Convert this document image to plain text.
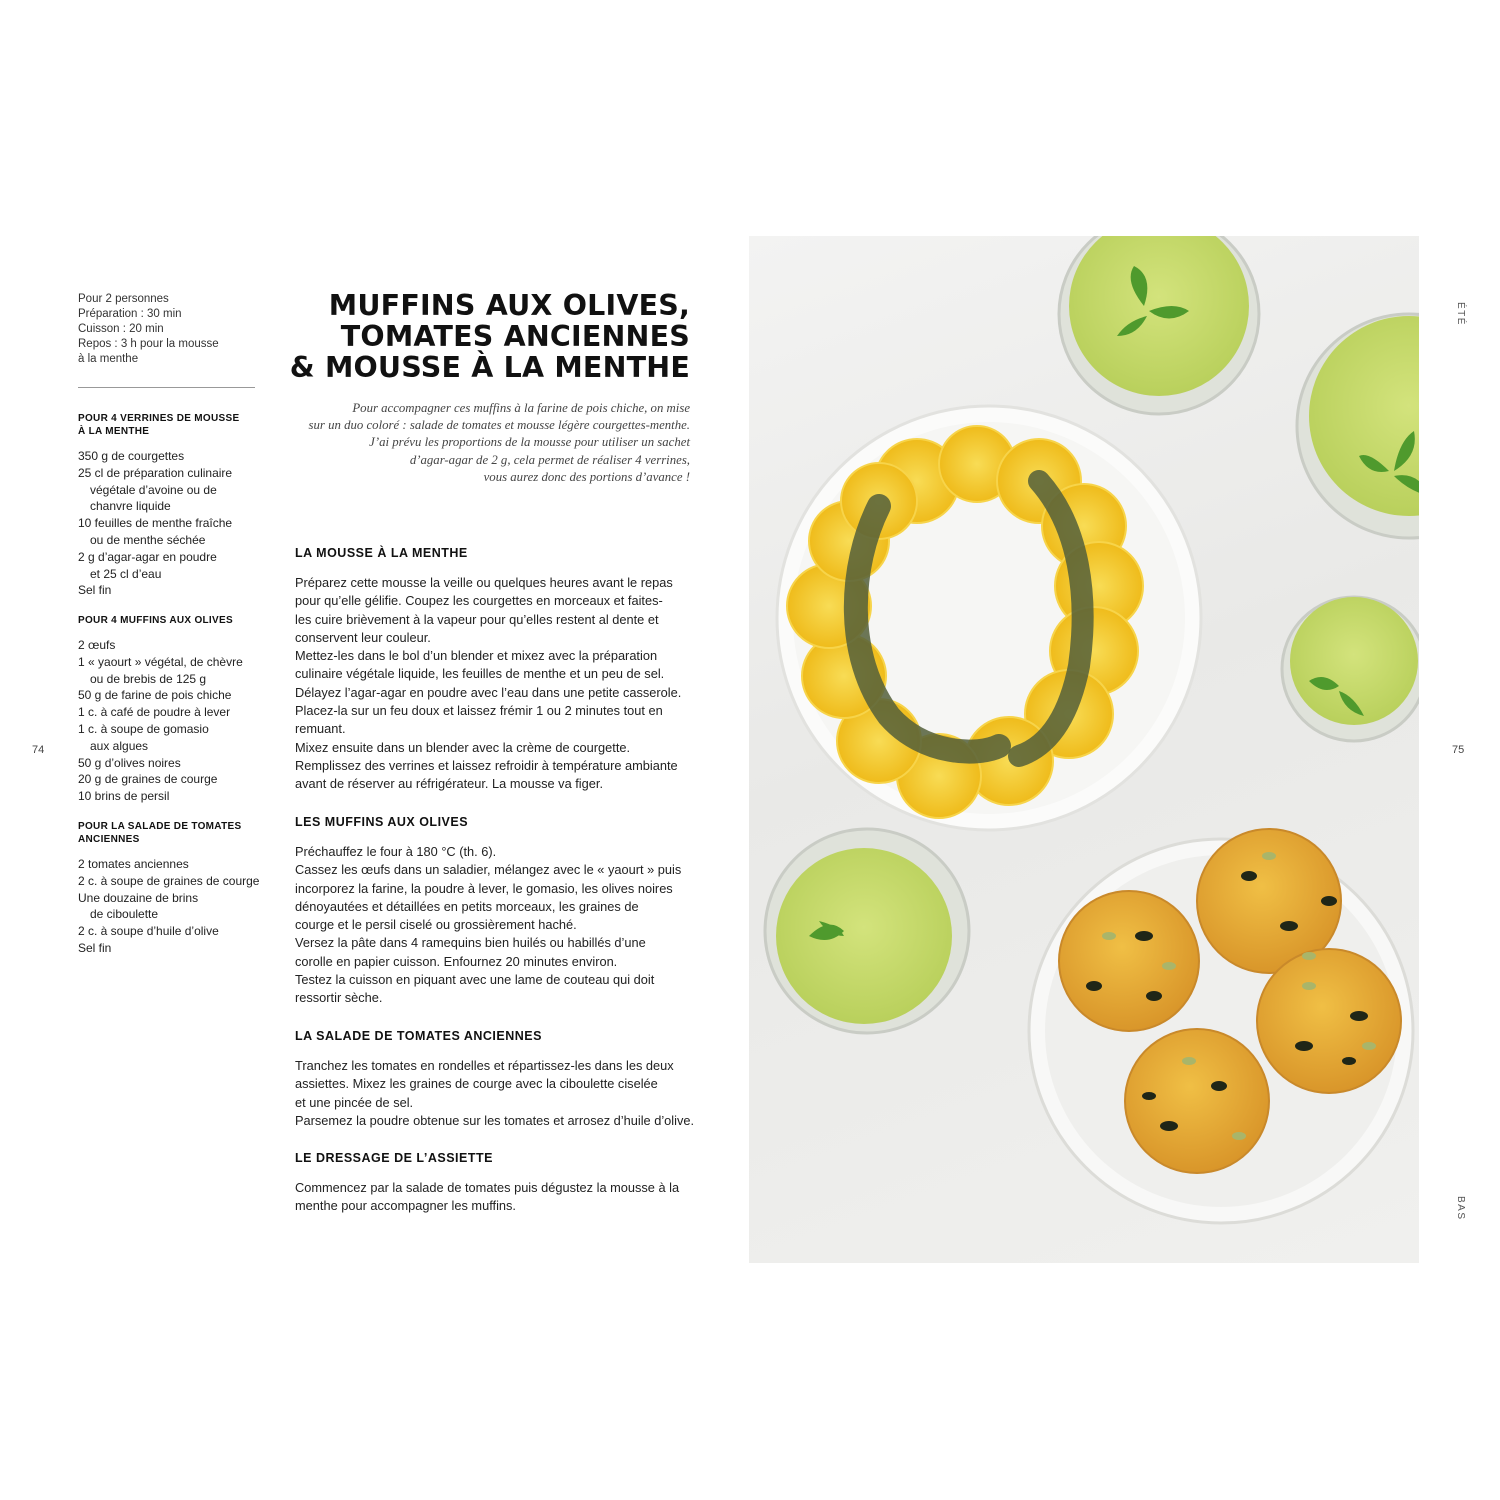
Pour 2 personnes
Préparation : 30 min
Cuisson : 20 min
Repos : 3 h pour la mousse
à la menthe
POUR 4 VERRINES DE MOUSSE
À LA MENTHE
350 g de courgettes
25 cl de préparation culinaire
végétale d’avoine ou de
chanvre liquide
10 feuilles de menthe fraîche
ou de menthe séchée
2 g d’agar-agar en poudre
et 25 cl d’eau
Sel fin
POUR 4 MUFFINS AUX OLIVES
2 œufs
1 « yaourt » végétal, de chèvre
ou de brebis de 125 g
50 g de farine de pois chiche
1 c. à café de poudre à lever
1 c. à soupe de gomasio
aux algues
50 g d’olives noires
20 g de graines de courge
10 brins de persil
POUR LA SALADE DE TOMATES
ANCIENNES
2 tomates anciennes
2 c. à soupe de graines de courge
Une douzaine de brins
de ciboulette
2 c. à soupe d’huile d’olive
Sel fin
74	75
ÉTÉ
BAS
MUFFINS AUX OLIVES,
TOMATES ANCIENNES
& MOUSSE À LA MENTHE
Pour accompagner ces muffins à la farine de pois chiche, on mise
sur un duo coloré : salade de tomates et mousse légère courgettes-menthe.
J’ai prévu les proportions de la mousse pour utiliser un sachet
d’agar-agar de 2 g, cela permet de réaliser 4 verrines,
vous aurez donc des portions d’avance !
LA MOUSSE À LA MENTHE
Préparez cette mousse la veille ou quelques heures avant le repas
pour qu’elle gélifie. Coupez les courgettes en morceaux et faites-
les cuire brièvement à la vapeur pour qu’elles restent al dente et
conservent leur couleur.
Mettez-les dans le bol d’un blender et mixez avec la préparation
culinaire végétale liquide, les feuilles de menthe et un peu de sel.
Délayez l’agar-agar en poudre avec l’eau dans une petite casserole.
Placez-la sur un feu doux et laissez frémir 1 ou 2 minutes tout en
remuant.
Mixez ensuite dans un blender avec la crème de courgette.
Remplissez des verrines et laissez refroidir à température ambiante
avant de réserver au réfrigérateur. La mousse va figer.
LES MUFFINS AUX OLIVES
Préchauffez le four à 180 °C (th. 6).
Cassez les œufs dans un saladier, mélangez avec le « yaourt » puis
incorporez la farine, la poudre à lever, le gomasio, les olives noires
dénoyautées et détaillées en petits morceaux, les graines de
courge et le persil ciselé ou grossièrement haché.
Versez la pâte dans 4 ramequins bien huilés ou habillés d’une
corolle en papier cuisson. Enfournez 20 minutes environ.
Testez la cuisson en piquant avec une lame de couteau qui doit
ressortir sèche.
LA SALADE DE TOMATES ANCIENNES
Tranchez les tomates en rondelles et répartissez-les dans les deux
assiettes. Mixez les graines de courge avec la ciboulette ciselée
et une pincée de sel.
Parsemez la poudre obtenue sur les tomates et arrosez d’huile d’olive.
LE DRESSAGE DE L’ASSIETTE
Commencez par la salade de tomates puis dégustez la mousse à la
menthe pour accompagner les muffins.
